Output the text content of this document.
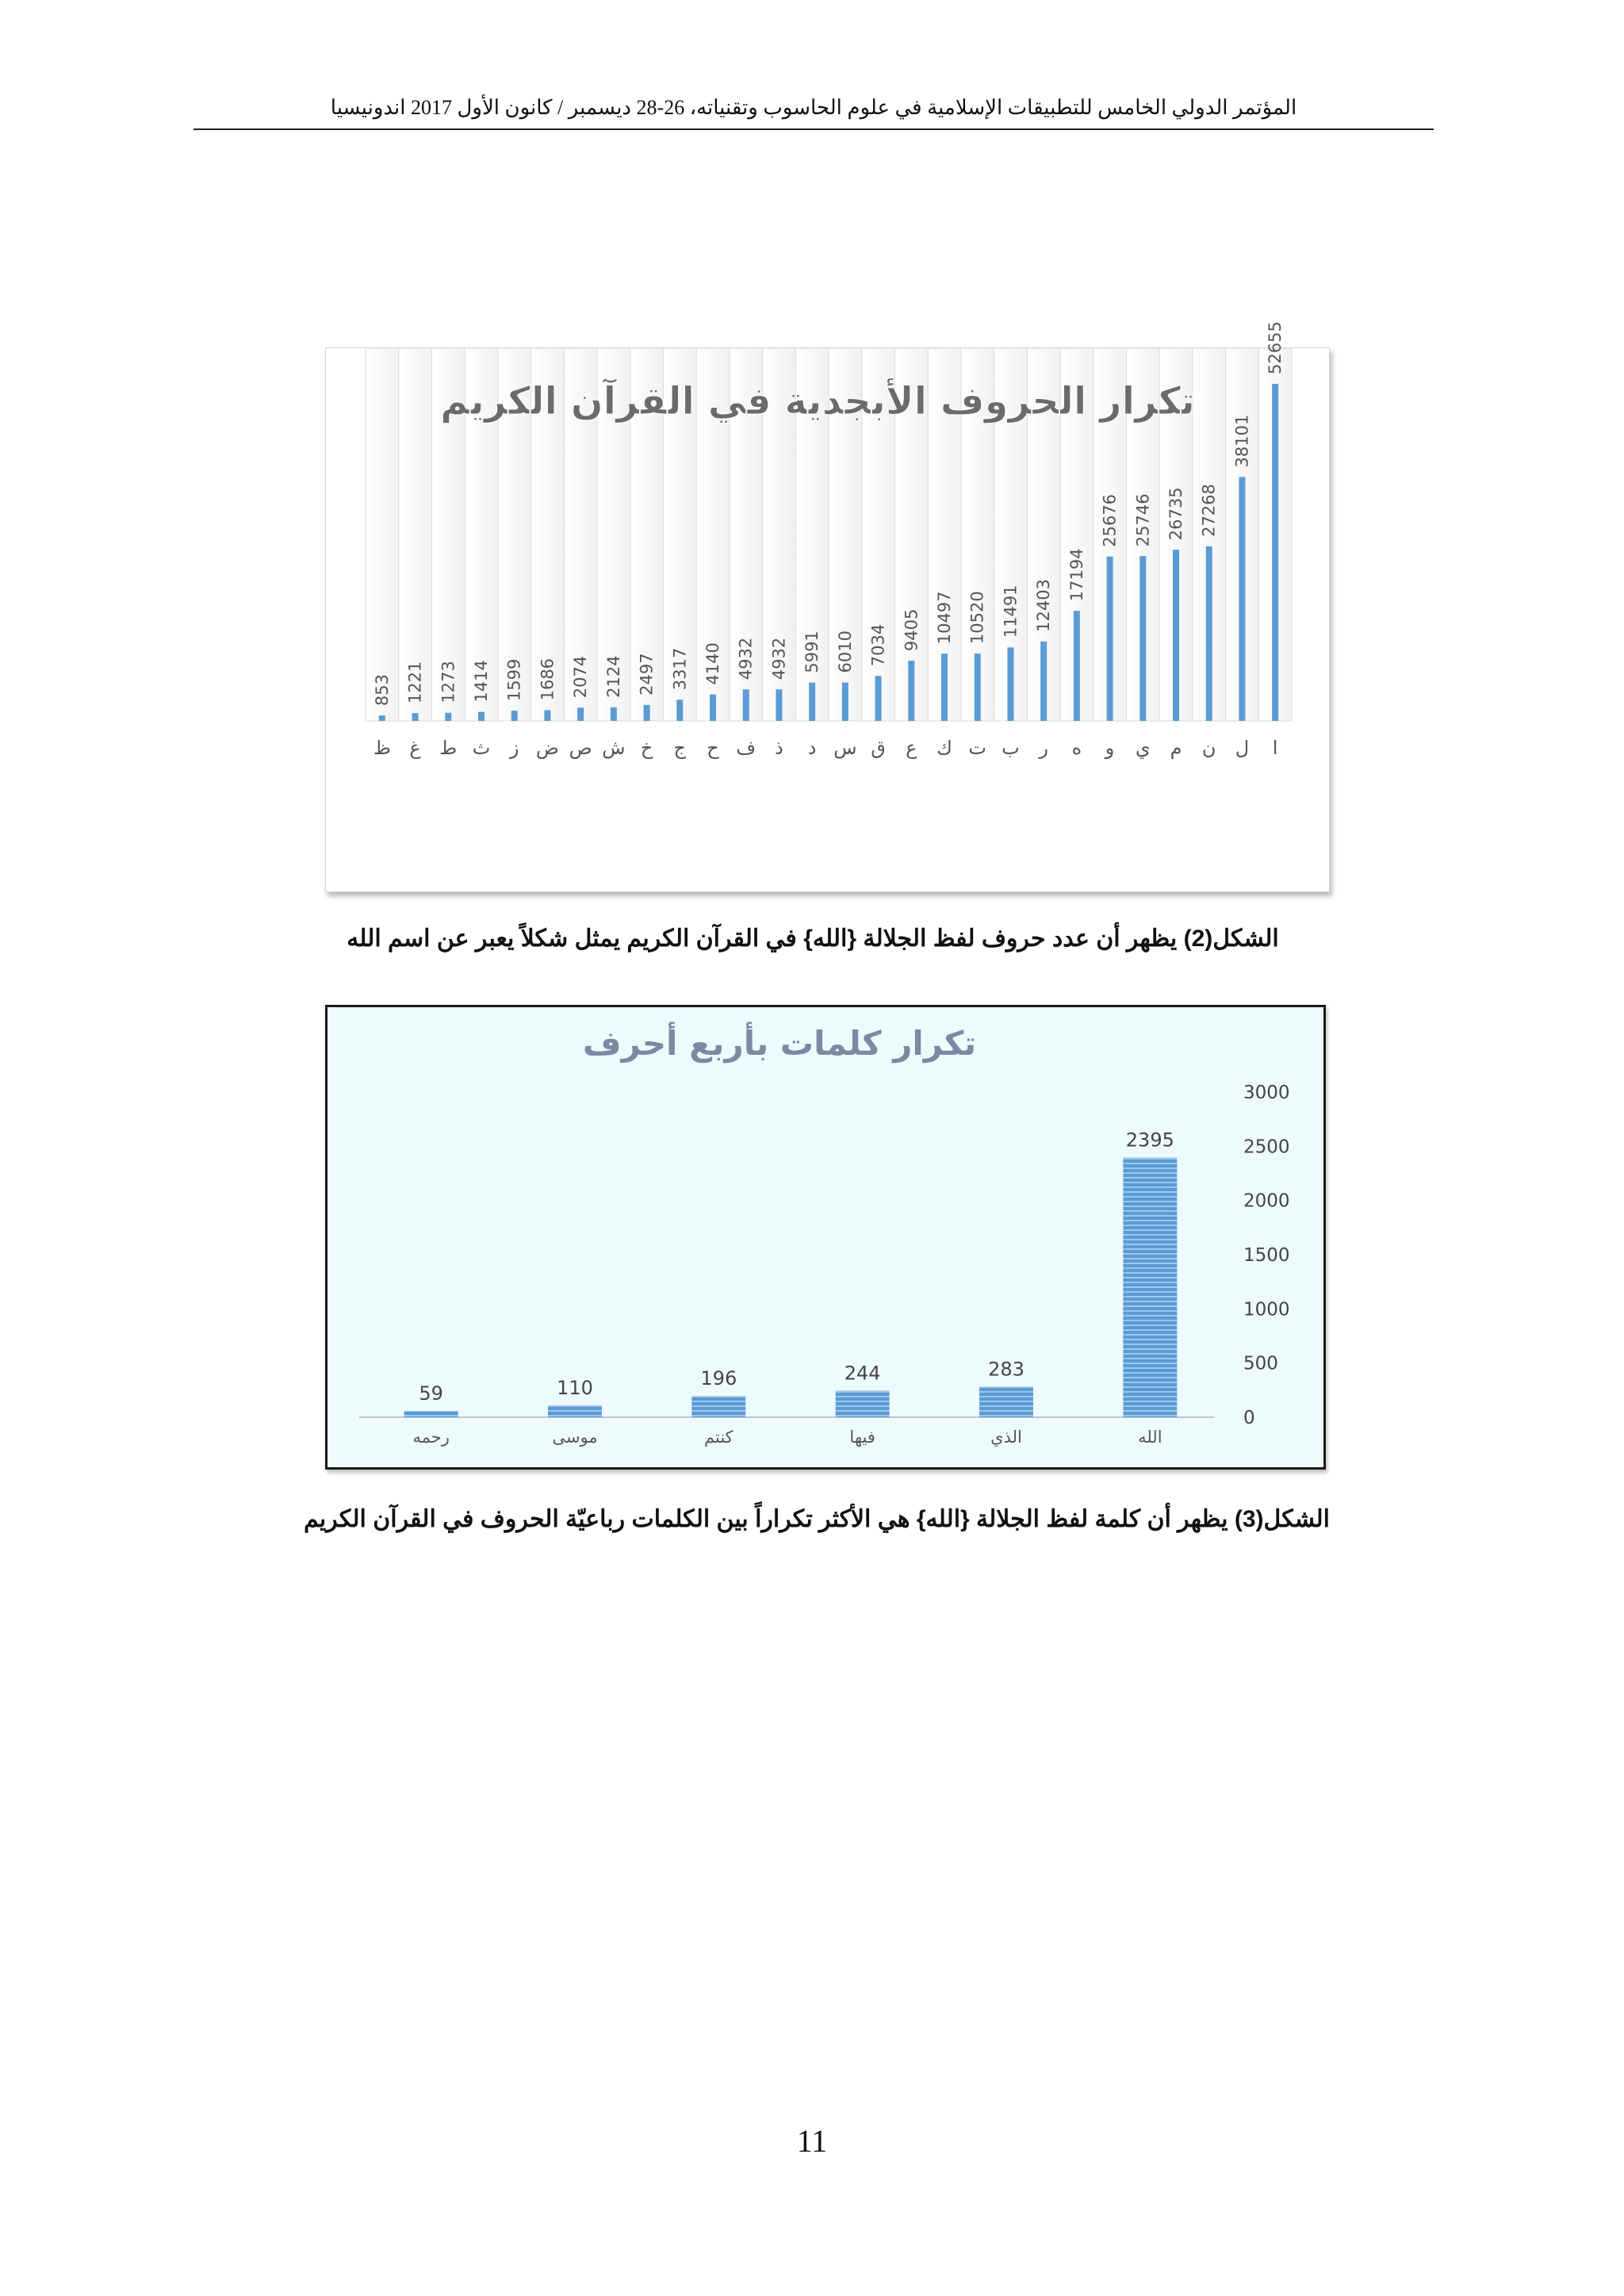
المؤتمر الدولي الخامس للتطبيقات الإسلامية في علوم الحاسوب وتقنياته، 26-28 ديسمبر / كانون الأول 2017 اندونيسيا
52655
ا
38101
ل
27268
ن
26735
م
25746
ي
25676
و
17194
ه
12403
ر
11491
ب
10520
ت
10497
ك
9405
ع
7034
ق
6010
س
5991
د
4932
ذ
4932
ف
4140
ح
3317
ج
2497
خ
2124
ش
2074
ص
1686
ض
1599
ز
1414
ث
1273
ط
1221
غ
853
ظ
تكرار الحروف الأبجدية في القرآن الكريم
الشكل(2) يظهر أن عدد حروف لفظ الجلالة {الله} في القرآن الكريم يمثل شكلاً يعبر عن اسم الله
تكرار كلمات بأربع أحرف
0
500
1000
1500
2000
2500
3000
2395
الله
283
الذي
244
فيها
196
كنتم
110
موسى
59
رحمه
الشكل(3) يظهر أن كلمة لفظ الجلالة {الله} هي الأكثر تكراراً بين الكلمات رباعيّة الحروف في القرآن الكريم
11
